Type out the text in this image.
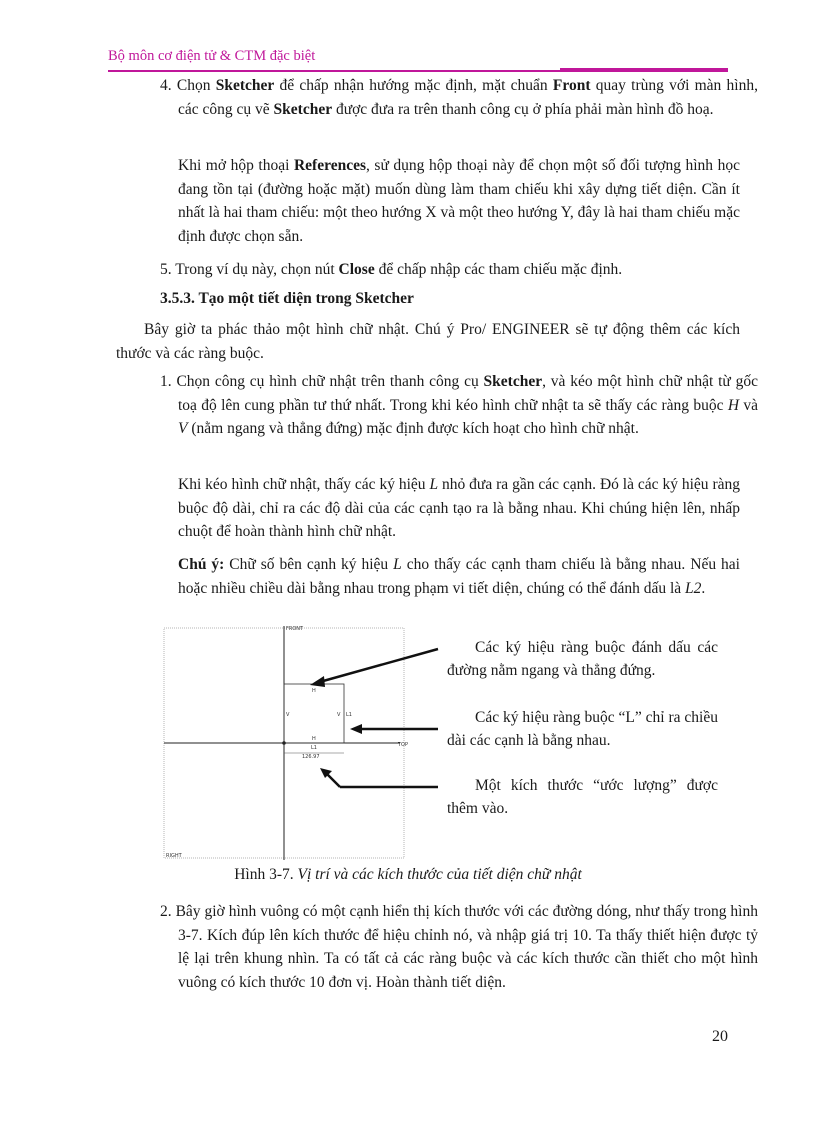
Bộ môn cơ điện tử & CTM đặc biệt
4. Chọn Sketcher để chấp nhận hướng mặc định, mặt chuẩn Front quay trùng với màn hình, các công cụ vẽ Sketcher được đưa ra trên thanh công cụ ở phía phải màn hình đồ hoạ.
Khi mở hộp thoại References, sử dụng hộp thoại này để chọn một số đối tượng hình học đang tồn tại (đường hoặc mặt) muốn dùng làm tham chiếu khi xây dựng tiết diện. Cần ít nhất là hai tham chiếu: một theo hướng X và một theo hướng Y, đây là hai tham chiếu mặc định được chọn sẵn.
5. Trong ví dụ này, chọn nút Close để chấp nhập các tham chiếu mặc định.
3.5.3. Tạo một tiết diện trong Sketcher
Bây giờ ta phác thảo một hình chữ nhật. Chú ý Pro/ ENGINEER sẽ tự động thêm các kích thước và các ràng buộc.
1. Chọn công cụ hình chữ nhật trên thanh công cụ Sketcher, và kéo một hình chữ nhật từ gốc toạ độ lên cung phần tư thứ nhất. Trong khi kéo hình chữ nhật ta sẽ thấy các ràng buộc H và V (nằm ngang và thẳng đứng) mặc định được kích hoạt cho hình chữ nhật.
Khi kéo hình chữ nhật, thấy các ký hiệu L nhỏ đưa ra gần các cạnh. Đó là các ký hiệu ràng buộc độ dài, chỉ ra các độ dài của các cạnh tạo ra là bằng nhau. Khi chúng hiện lên, nhấp chuột để hoàn thành hình chữ nhật.
Chú ý: Chữ số bên cạnh ký hiệu L cho thấy các cạnh tham chiếu là bằng nhau. Nếu hai hoặc nhiều chiều dài bằng nhau trong phạm vi tiết diện, chúng có thể đánh dấu là L2.
FRONT
TOP
RIGHT
H
H
V	V L1
L1
126.97
Các ký hiệu ràng buộc đánh dấu các đường nằm ngang và thẳng đứng.
Các ký hiệu ràng buộc “L” chỉ ra chiều dài các cạnh là bằng nhau.
Một kích thước “ước lượng” được thêm vào.
Hình 3-7. Vị trí và các kích thước của tiết diện chữ nhật
2. Bây giờ hình vuông có một cạnh hiển thị kích thước với các đường dóng, như thấy trong hình 3-7. Kích đúp lên kích thước để hiệu chỉnh nó, và nhập giá trị 10. Ta thấy thiết hiện được tỷ lệ lại trên khung nhìn. Ta có tất cả các ràng buộc và các kích thước cần thiết cho một hình vuông có kích thước 10 đơn vị. Hoàn thành tiết diện.
20
